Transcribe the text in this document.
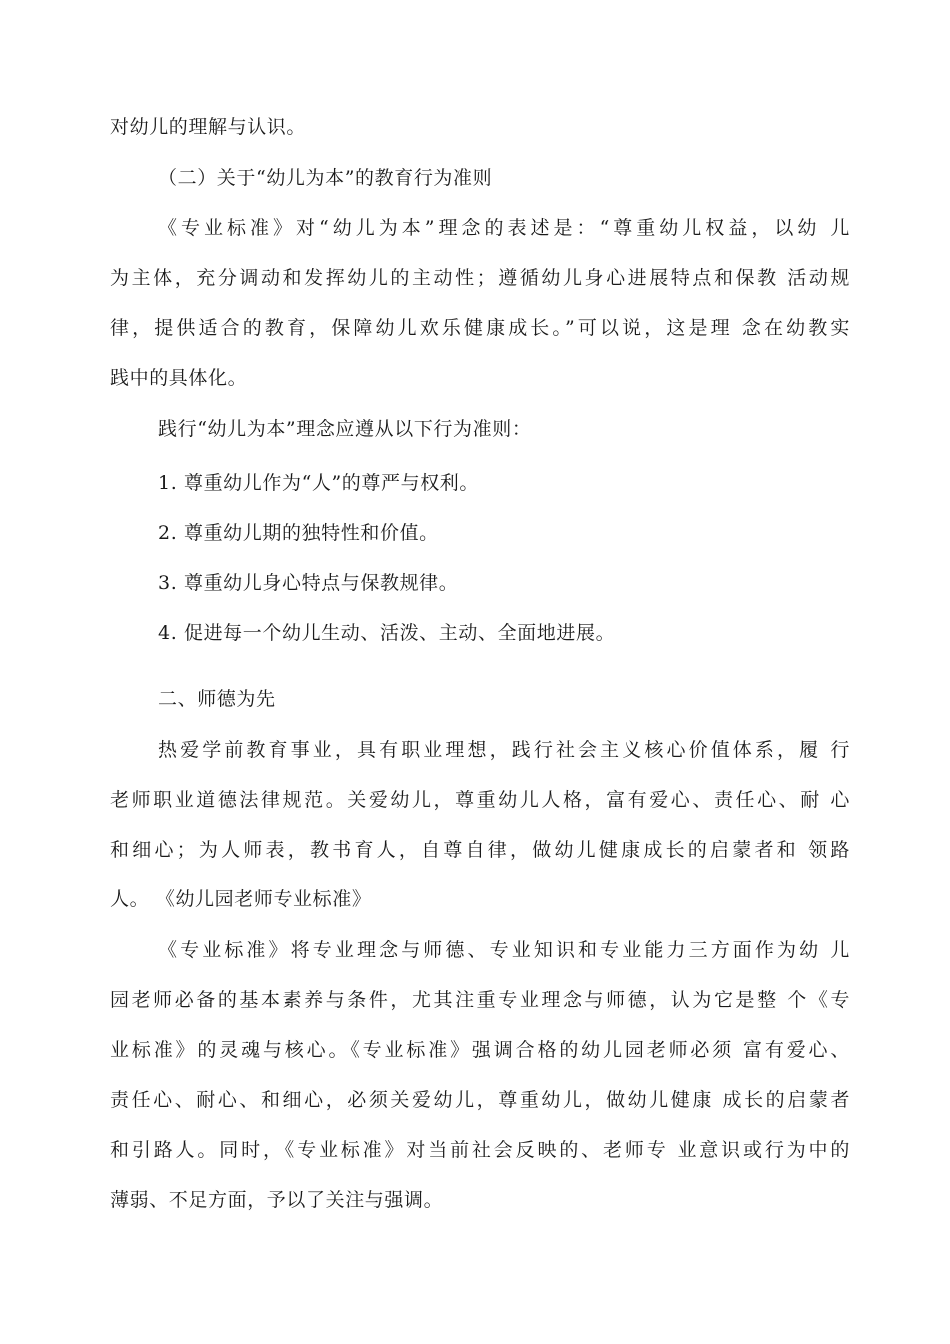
对幼儿的理解与认识。
（二）关于“幼儿为本”的教育行为准则
《专业标准》对“幼儿为本”理念的表述是：“尊重幼儿权益，以幼 儿
为主体，充分调动和发挥幼儿的主动性；遵循幼儿身心进展特点和保教 活动规
律，提供适合的教育，保障幼儿欢乐健康成长。”可以说，这是理 念在幼教实
践中的具体化。
践行“幼儿为本”理念应遵从以下行为准则：
1. 尊重幼儿作为“人”的尊严与权利。
2. 尊重幼儿期的独特性和价值。
3. 尊重幼儿身心特点与保教规律。
4. 促进每一个幼儿生动、活泼、主动、全面地进展。
二、师德为先
热爱学前教育事业，具有职业理想，践行社会主义核心价值体系，履 行
老师职业道德法律规范。关爱幼儿，尊重幼儿人格，富有爱心、责任心、耐 心
和细心；为人师表，教书育人，自尊自律，做幼儿健康成长的启蒙者和 领路
人。 《幼儿园老师专业标准》
《专业标准》将专业理念与师德、专业知识和专业能力三方面作为幼 儿
园老师必备的基本素养与条件，尤其注重专业理念与师德，认为它是整 个《专
业标准》的灵魂与核心。《专业标准》强调合格的幼儿园老师必须 富有爱心、
责任心、耐心、和细心，必须关爱幼儿，尊重幼儿，做幼儿健康 成长的启蒙者
和引路人。同时，《专业标准》对当前社会反映的、老师专 业意识或行为中的
薄弱、不足方面，予以了关注与强调。
